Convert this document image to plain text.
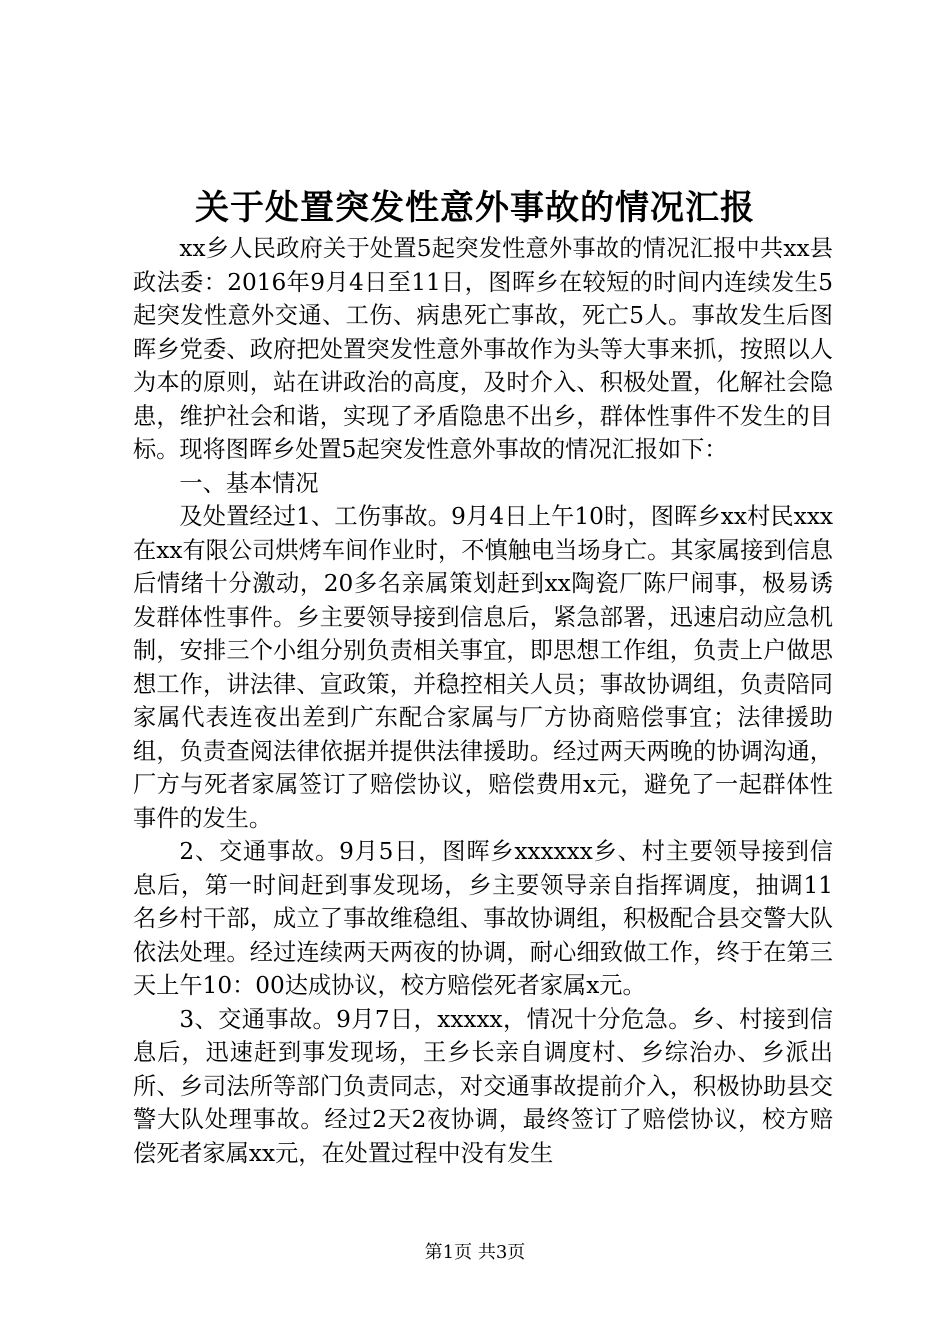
关于处置突发性意外事故的情况汇报

xx乡人民政府关于处置5起突发性意外事故的情况汇报中共xx县政法委：2016年9月4日至11日，图晖乡在较短的时间内连续发生5起突发性意外交通、工伤、病患死亡事故，死亡5人。事故发生后图晖乡党委、政府把处置突发性意外事故作为头等大事来抓，按照以人为本的原则，站在讲政治的高度，及时介入、积极处置，化解社会隐患，维护社会和谐，实现了矛盾隐患不出乡，群体性事件不发生的目标。现将图晖乡处置5起突发性意外事故的情况汇报如下：

一、基本情况

及处置经过1、工伤事故。9月4日上午10时，图晖乡xx村民xxx在xx有限公司烘烤车间作业时，不慎触电当场身亡。其家属接到信息后情绪十分激动，20多名亲属策划赶到xx陶瓷厂陈尸闹事，极易诱发群体性事件。乡主要领导接到信息后，紧急部署，迅速启动应急机制，安排三个小组分别负责相关事宜，即思想工作组，负责上户做思想工作，讲法律、宣政策，并稳控相关人员；事故协调组，负责陪同家属代表连夜出差到广东配合家属与厂方协商赔偿事宜；法律援助组，负责查阅法律依据并提供法律援助。经过两天两晚的协调沟通，厂方与死者家属签订了赔偿协议，赔偿费用x元，避免了一起群体性事件的发生。

2、交通事故。9月5日，图晖乡xxxxxx乡、村主要领导接到信息后，第一时间赶到事发现场，乡主要领导亲自指挥调度，抽调11名乡村干部，成立了事故维稳组、事故协调组，积极配合县交警大队依法处理。经过连续两天两夜的协调，耐心细致做工作，终于在第三天上午10：00达成协议，校方赔偿死者家属x元。

3、交通事故。9月7日，xxxxx，情况十分危急。乡、村接到信息后，迅速赶到事发现场，王乡长亲自调度村、乡综治办、乡派出所、乡司法所等部门负责同志，对交通事故提前介入，积极协助县交警大队处理事故。经过2天2夜协调，最终签订了赔偿协议，校方赔偿死者家属xx元，在处置过程中没有发生

第1页 共3页
